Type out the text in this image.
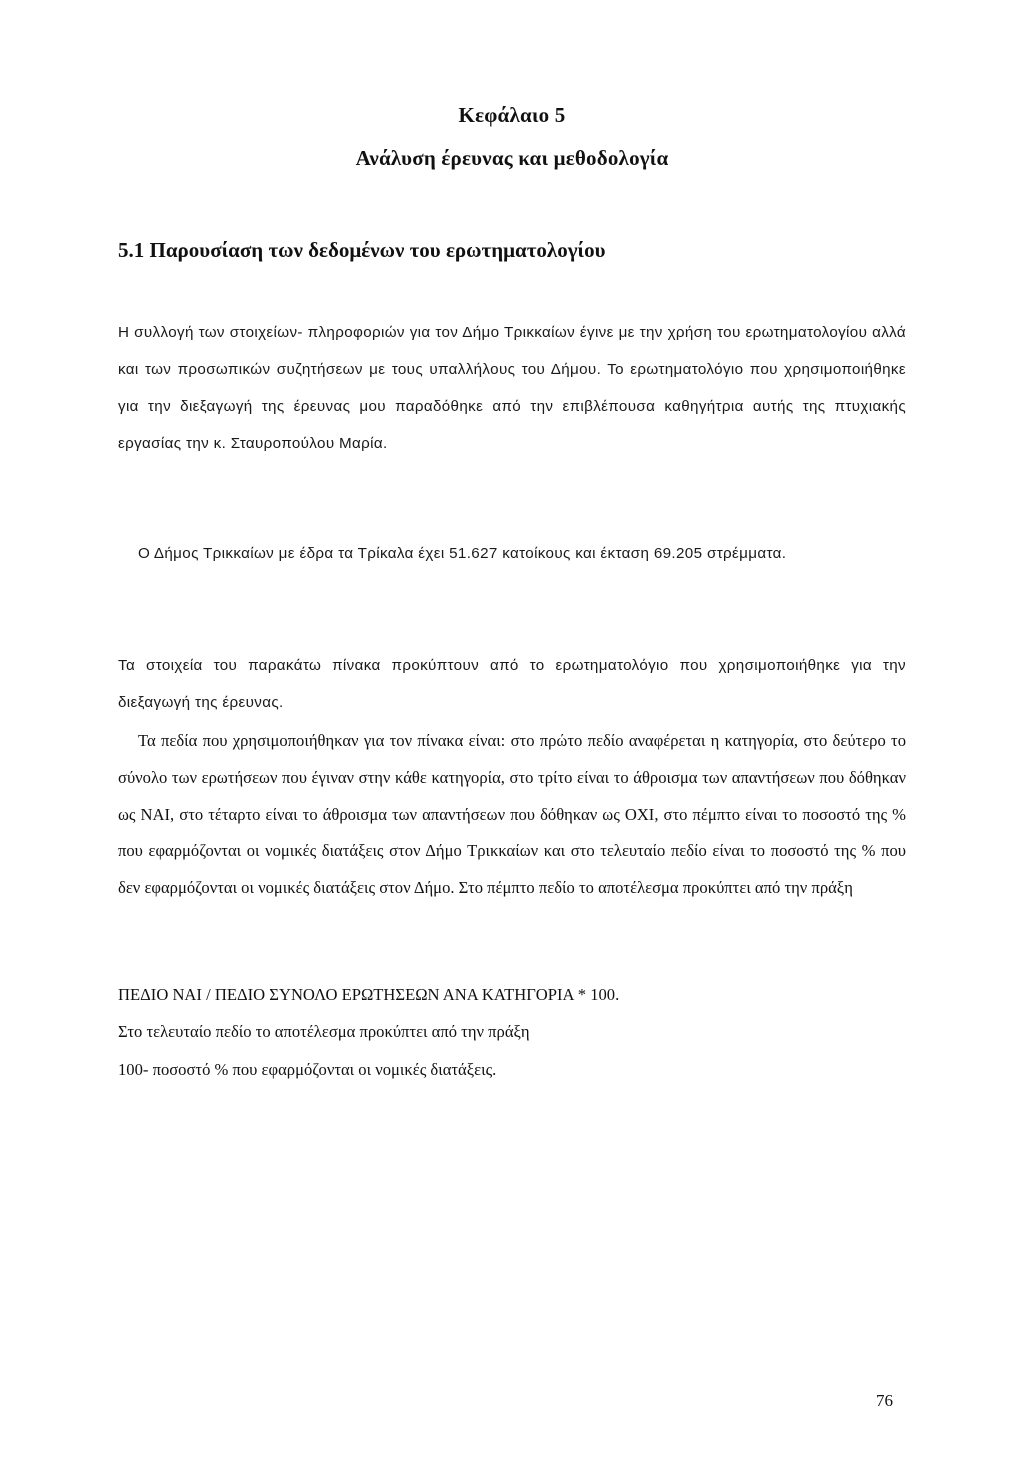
Κεφάλαιο 5
Ανάλυση έρευνας και μεθοδολογία
5.1 Παρουσίαση των δεδομένων του ερωτηματολογίου

Η συλλογή των στοιχείων- πληροφοριών για τον Δήμο Τρικκαίων έγινε με την χρήση του ερωτηματολογίου αλλά και των προσωπικών συζητήσεων με τους υπαλλήλους του Δήμου. Το ερωτηματολόγιο που χρησιμοποιήθηκε για την διεξαγωγή της έρευνας μου παραδόθηκε από την επιβλέπουσα καθηγήτρια αυτής της πτυχιακής εργασίας την κ. Σταυροπούλου Μαρία.

Ο Δήμος Τρικκαίων με έδρα τα Τρίκαλα έχει 51.627 κατοίκους και έκταση 69.205 στρέμματα.

Τα στοιχεία του παρακάτω πίνακα προκύπτουν από το ερωτηματολόγιο που χρησιμοποιήθηκε για την διεξαγωγή της έρευνας.

Τα πεδία που χρησιμοποιήθηκαν για τον πίνακα είναι: στο πρώτο πεδίο αναφέρεται η κατηγορία, στο δεύτερο το σύνολο των ερωτήσεων που έγιναν στην κάθε κατηγορία, στο τρίτο είναι το άθροισμα των απαντήσεων που δόθηκαν ως ΝΑΙ, στο τέταρτο είναι το άθροισμα των απαντήσεων που δόθηκαν ως ΟΧΙ, στο πέμπτο είναι το ποσοστό της % που εφαρμόζονται οι νομικές διατάξεις στον Δήμο Τρικκαίων και στο τελευταίο πεδίο είναι το ποσοστό της % που δεν εφαρμόζονται οι νομικές διατάξεις στον Δήμο. Στο πέμπτο πεδίο το αποτέλεσμα προκύπτει από την πράξη

ΠΕΔΙΟ ΝΑΙ / ΠΕΔΙΟ ΣΥΝΟΛΟ ΕΡΩΤΗΣΕΩΝ ΑΝΑ ΚΑΤΗΓΟΡΙΑ * 100.
Στο τελευταίο πεδίο το αποτέλεσμα προκύπτει από την πράξη
100- ποσοστό % που εφαρμόζονται οι νομικές διατάξεις.
76
